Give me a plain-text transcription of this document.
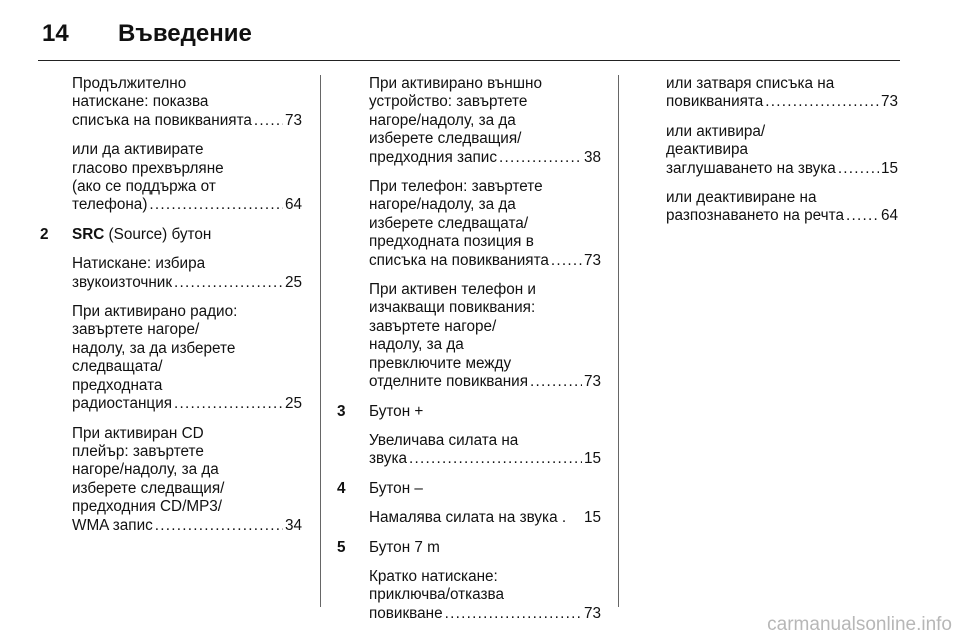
14 Въведение
Продължително
натискане: показва
списъка на повикванията . . . 73
или да активирате
гласово прехвърляне
(ако се поддържа от
телефона) . . .	64
2 SRC (Source) бутон
Натискане: избира
звукоизточник . . .	25
При активирано радио:
завъртете нагоре/
надолу, за да изберете
следващата/
предходната
радиостанция . . .	25
При активиран CD
плейър: завъртете
нагоре/надолу, за да
изберете следващия/
предходния CD/MP3/
WMA запис . . .	34
При активирано външно
устройство: завъртете
нагоре/надолу, за да
изберете следващия/
предходния запис . . .	38
При телефон: завъртете
нагоре/надолу, за да
изберете следващата/
предходната позиция в
списъка на повикванията . . . 73
При активен телефон и
изчакващи повиквания:
завъртете нагоре/
надолу, за да
превключите между
отделните повиквания . . .	73
3 Бутон +
Увеличава силата на
звука . . .	15
4 Бутон –
Намалява силата на звука . 15
5 Бутон 7 m
Кратко натискане:
приключва/отказва
повикване . . .	73
или затваря списъка на
повикванията . . .	73
или активира/
деактивира
заглушаването на звука . . .	15
или деактивиране на
разпознаването на речта . . . 64
carmanualsonline.info
